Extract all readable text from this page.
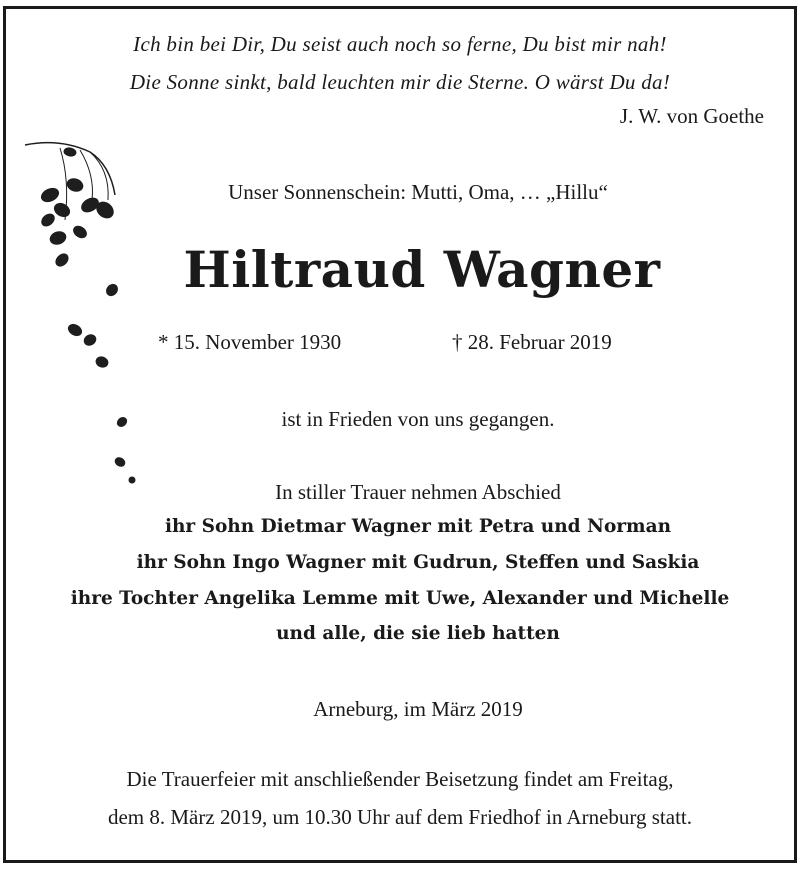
Ich bin bei Dir, Du seist auch noch so ferne, Du bist mir nah!
Die Sonne sinkt, bald leuchten mir die Sterne. O wärst Du da!
J. W. von Goethe
Unser Sonnenschein: Mutti, Oma, … „Hillu“
Hiltraud Wagner
* 15. November 1930	† 28. Februar 2019
ist in Frieden von uns gegangen.
In stiller Trauer nehmen Abschied
ihr Sohn Dietmar Wagner mit Petra und Norman
ihr Sohn Ingo Wagner mit Gudrun, Steffen und Saskia
ihre Tochter Angelika Lemme mit Uwe, Alexander und Michelle
und alle, die sie lieb hatten
Arneburg, im März 2019
Die Trauerfeier mit anschließender Beisetzung findet am Freitag,
dem 8. März 2019, um 10.30 Uhr auf dem Friedhof in Arneburg statt.
